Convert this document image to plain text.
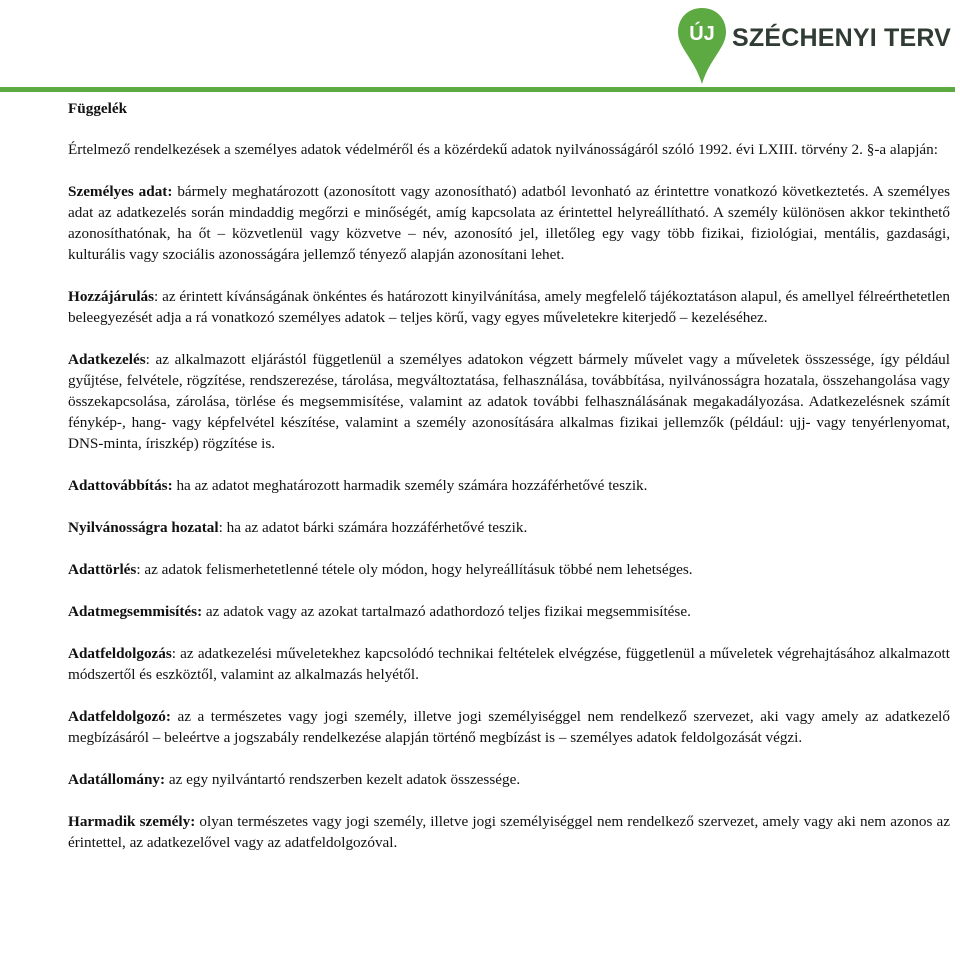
ÚJ SZÉCHENYI TERV
Függelék

Értelmező rendelkezések a személyes adatok védelméről és a közérdekű adatok nyilvánosságáról szóló 1992. évi LXIII. törvény 2. §-a alapján:

Személyes adat: bármely meghatározott (azonosított vagy azonosítható) adatból levonható az érintettre vonatkozó következtetés. A személyes adat az adatkezelés során mindaddig megőrzi e minőségét, amíg kapcsolata az érintettel helyreállítható. A személy különösen akkor tekinthető azonosíthatónak, ha őt – közvetlenül vagy közvetve – név, azonosító jel, illetőleg egy vagy több fizikai, fiziológiai, mentális, gazdasági, kulturális vagy szociális azonosságára jellemző tényező alapján azonosítani lehet.

Hozzájárulás: az érintett kívánságának önkéntes és határozott kinyilvánítása, amely megfelelő tájékoztatáson alapul, és amellyel félreérthetetlen beleegyezését adja a rá vonatkozó személyes adatok – teljes körű, vagy egyes műveletekre kiterjedő – kezeléséhez.

Adatkezelés: az alkalmazott eljárástól függetlenül a személyes adatokon végzett bármely művelet vagy a műveletek összessége, így például gyűjtése, felvétele, rögzítése, rendszerezése, tárolása, megváltoztatása, felhasználása, továbbítása, nyilvánosságra hozatala, összehangolása vagy összekapcsolása, zárolása, törlése és megsemmisítése, valamint az adatok további felhasználásának megakadályozása. Adatkezelésnek számít fénykép-, hang- vagy képfelvétel készítése, valamint a személy azonosítására alkalmas fizikai jellemzők (például: ujj- vagy tenyérlenyomat, DNS-minta, íriszkép) rögzítése is.

Adattovábbítás: ha az adatot meghatározott harmadik személy számára hozzáférhetővé teszik.

Nyilvánosságra hozatal: ha az adatot bárki számára hozzáférhetővé teszik.

Adattörlés: az adatok felismerhetetlenné tétele oly módon, hogy helyreállításuk többé nem lehetséges.

Adatmegsemmisítés: az adatok vagy az azokat tartalmazó adathordozó teljes fizikai megsemmisítése.

Adatfeldolgozás: az adatkezelési műveletekhez kapcsolódó technikai feltételek elvégzése, függetlenül a műveletek végrehajtásához alkalmazott módszertől és eszköztől, valamint az alkalmazás helyétől.

Adatfeldolgozó: az a természetes vagy jogi személy, illetve jogi személyiséggel nem rendelkező szervezet, aki vagy amely az adatkezelő megbízásáról – beleértve a jogszabály rendelkezése alapján történő megbízást is – személyes adatok feldolgozását végzi.

Adatállomány: az egy nyilvántartó rendszerben kezelt adatok összessége.

Harmadik személy: olyan természetes vagy jogi személy, illetve jogi személyiséggel nem rendelkező szervezet, amely vagy aki nem azonos az érintettel, az adatkezelővel vagy az adatfeldolgozóval.
